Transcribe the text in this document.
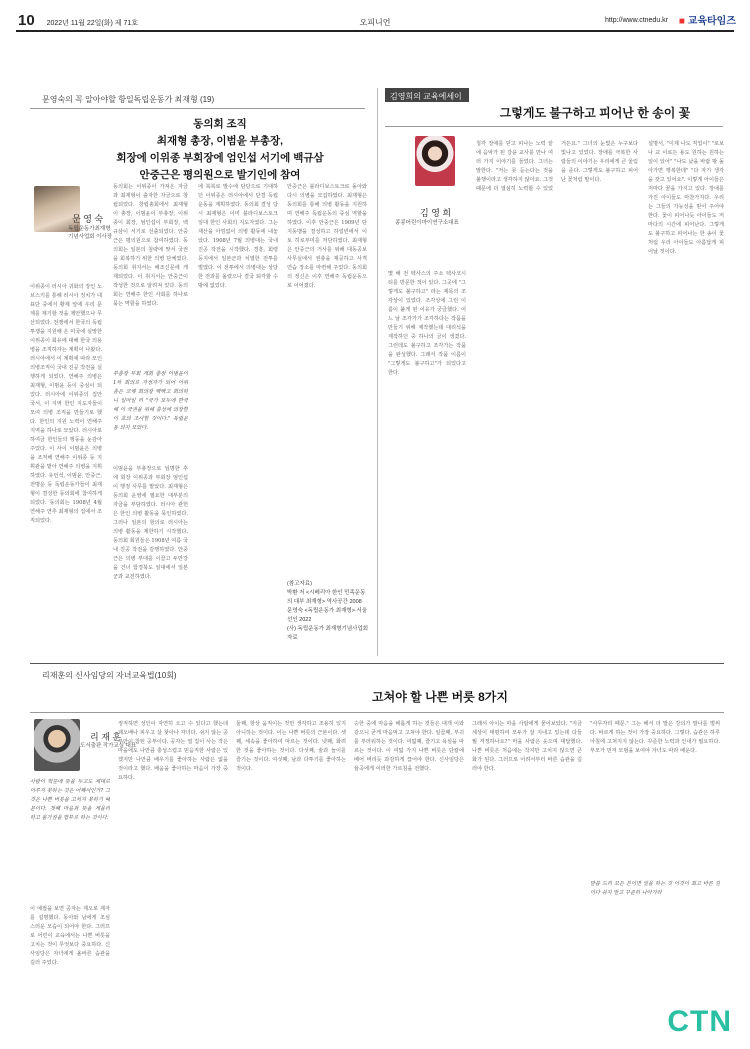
10 2022년 11월 22일(화) 제 71호	오피니언	http://www.ctnedu.kr ■ 교육타임즈
문영숙의 꼭 알아야할 항일독립운동가 최재형 (19)
동의회 조직
최재형 총장, 이범윤 부총장,
회장에 이위종 부회장에 엄인섭 서기에 백규삼
안중근은 평의원으로 발기인에 참여
문 영 숙
독립운동가최재형
기념사업회 이사장
이위종이 러시아 귀화의 장인 노브스키를 통해 러시아 정치가 대표단 중에서 황제 앞에 우리 문제를 제기할 것을 제안했으나 무산되었다. 전쟁에서 한국의 독립 투쟁을 지원해 온 미국에 실망한 이위종이 회유에 대해 한국 의용병을 조직하자는 계획이 나왔다. 러시아에서 이 계획에 따라 모인 의병조직이 국내 진공 작전을 실행하게 되었다. 연해주 의병은 최재형, 이범윤 등이 중심이 되었다. 러시아에 이위종의 집안 국서, 이 지역 한인 지도자들이 모여 의병 조직을 만들기로 했다. 한인의 지원 노력이 연해주 지역을 하나로 모았다. 러시아로 하여금 한인들의 행동을 눈감아 주었다. 이 사이 이범윤은 의병을 조직해 연해주 이위종 등 지휘관을 맡아 연해주 의병을 지휘하였다. 유인석, 이범윤, 안중근, 전명운 등 독립운동가들이 최재형이 결성한 동의회에 참여하게 되었다. 동의회는 1908년 4월 연해주 연추 최재형의 집에서 조직되었다.
동의회는 이위종이 가져온 자금과 최재형이 출자한 자금으로 창립되었다. 창립총회에서 최재형이 총장, 이범윤이 부총장, 이위종이 회장, 엄인섭이 부회장, 백규삼이 서기로 선출되었다. 안중근은 평의원으로 참여하였다. 동의회는 일본의 침략에 맞서 국권을 회복하기 위한 의병 단체였다. 동의회 취지서는 해조신문에 게재되었다. 이 취지서는 안중근이 작성한 것으로 알려져 있다. 동의회는 연해주 한인 사회를 하나로 묶는 역할을 하였다.
부총장 부회 개회 총장 이범윤이 1차 회의로 자정자가 되어 이위종은 코체 회의장 빡빡고 회의하니 일마일 리 "국가 모두에 한국해 이 국권을 위해 충성에 의장할 이 호의 조사할 것이다." 독립운동 의지 모았다.
이범윤을 부총장으로 임명한 후에 회장 이위종과 부회장 엄인섭이 행정 사무를 맡았다. 최재형은 동의회 운영에 필요한 대부분의 자금을 부담하였다. 러시아 관헌은 한인 의병 활동을 묵인하였다. 그러나 일본의 항의로 러시아는 의병 활동을 제한하기 시작했다. 동의회 회원들은 1908년 여름 국내 진공 작전을 감행하였다. 안중근은 의병 부대를 이끌고 두만강을 건너 함경북도 일대에서 일본군과 교전하였다.
에 북북로 발수에 담당으로 기대하던 이위종은 러시아에서 단결 독립운동을 계획하였다. 동의회 결성 당시 최재형은 이미 블라디보스토크 일대 한인 사회의 지도자였다. 그는 재산을 아낌없이 의병 활동에 내놓았다. 1908년 7월 의병대는 국내 진공 작전을 시작했다. 경흥, 회령 등지에서 일본군과 치열한 전투를 벌였다. 이 전투에서 의병대는 상당한 전과를 올렸으나 결국 퇴각할 수밖에 없었다.
안중근은 블라디보스토크로 돌아와 다시 의병을 모집하였다. 최재형은 동의회를 통해 의병 활동을 지원하며 연해주 독립운동의 중심 역할을 하였다. 이후 안중근은 1909년 단지동맹을 결성하고 하얼빈에서 이토 히로부미를 처단하였다. 최재형은 안중근의 거사를 위해 대동공보 사무실에서 권총을 제공하고 사격 연습 장소를 마련해 주었다. 동의회의 정신은 이후 연해주 독립운동으로 이어졌다.
(참고자료)
박환 저 <시베리아 한인 민족운동의 대부 최재형> 역사공간 2008
문영숙 <독립운동가 최재형> 서울 선인 2022
(사) 독립운동가 최재형기념사업회 자료
김영희의 교육에세이
그렇게도 불구하고 피어난 한 송이 꽃
김 영 희
콩콩어린이마이연구소대표
몇 해 전 텍사스의 주소 텍사코시티를 방문한 적이 있다. 그곳에 "그렇게도 불구하고" 라는 제목의 조각상이 있었다. 조각상에 그런 이름이 붙게 된 이유가 궁금했다. 어느 날 조각가가 조각하다는 작품을 만들기 위해 제작했는데 대리석을 제작하던 중 하나의 금이 생겼다. 그런데도 불구하고 조각가는 작품을 완성했다. 그래서 작품 이름이 "그렇게도 불구하고"가 되었다고 한다.
청각 장애를 딛고 피나는 노력 끝에 음악가 된 강윤 교사를 만나 여러 가지 이야기를 들었다. 그녀는 말한다. "저는 못 듣는다는 것을 불행이라고 생각하지 않아요. 그것 때문에 더 열심히 노력할 수 있었거든요." 그녀의 눈빛은 누구보다 빛나고 있었다. 장애를 극복한 사람들의 이야기는 우리에게 큰 울림을 준다. 그렇게도 불구하고 피어난 꽃처럼 말이다.
설명서, "이제 나도 직업이" "로보나 교 이로든 용도 원하는 원하는 일이 있어" "나도 났을 바람 밖 돌아가면 행복한데" "다 자기 생각을 갖고 있어요". 이렇게 아이들은 저마다 꿈을 가지고 있다. 장애를 가진 아이들도 마찬가지다. 우리는 그들의 가능성을 믿어 주어야 한다. 꽃이 피어나듯 아이들도 저마다의 시간에 피어난다. 그렇게도 불구하고 피어나는 한 송이 꽃처럼 우리 아이들도 아름답게 피어날 것이다.
리재훈의 신사임당의 자녀교육법(10회)
고쳐야 할 나쁜 버릇 8가지
리 재 훈
도서출판 작가교실 대표
사람이 학문에 뜻을 두고도 제대로 이루지 못하는 것은 어째서인가? 그것은 나쁜 버릇을 고치지 못하기 때문이다. 첫째 마음과 뜻을 게을리 하고 몸가짐을 함부로 하는 것이다.
이 예절을 보면 공자는 제오로 제자를 설명했다. 동아와 남에게 조심 스러운 모습이 되어야 한다. 그러므로 어린이 교육에서는 나쁜 버릇을 고치는 것이 무엇보다 중요하다. 신사임당은 자녀에게 올바른 습관을 길러 주었다.
정직하면 성인이 자연히 오고 수 있다고 했는데 제오배나 피우고 살 찾아나 자녀다. 쉬지 않는 공부만이 참된 공부이다. 공자는 열 집이 사는 작은 마을에도 나만큼 충성스럽고 믿음직한 사람은 있겠지만 나만큼 배우기를 좋아하는 사람은 없을 것이라고 했다. 배움을 좋아하는 마음이 가장 중요하다.
둘째, 항상 움직이는 것만 생각하고 조용히 있지 아니하는 것이다. 이는 나쁜 버릇의 근본이다. 셋째, 세속을 좋아하여 따르는 것이다. 넷째, 화려한 것을 좋아하는 것이다. 다섯째, 술과 놀이를 즐기는 것이다. 여섯째, 남과 다투기를 좋아하는 것이다.
승한 중에 마음을 해롭게 하는 것들은 대개 이와 같으니 굳게 마음먹고 고쳐야 한다. 일곱째, 부귀를 부러워하는 것이다. 여덟째, 즐기고 욕심을 따르는 것이다. 이 여덟 가지 나쁜 버릇은 단칼에 베어 버리듯 과감하게 끊어야 한다. 신사임당은 율곡에게 이러한 가르침을 전했다.
그래서 아이는 마을 사람에게 물어보았다. "지금 세상이 태평하여 모두가 잘 지내고 있는데 다들 뭘 걱정하나요?" 마을 사람은 웃으며 대답했다. 나쁜 버릇은 처음에는 작지만 고치지 않으면 큰 화가 된다. 그러므로 어려서부터 바른 습관을 길러야 한다.
"사무자리 때문." 그는 해서 더 말은 강의가 말나를 벌써 다. 바르게 하는 것이 가장 중요하다. 그렇다. 습관은 하루아침에 고쳐지지 않는다. 꾸준한 노력과 인내가 필요하다. 부모가 먼저 모범을 보여야 자녀도 따라 배운다.
말씀 드리 모든 본이면 일을 하는 것 이것이 최고 바른 길이다 쉬지 말고 꾸준히 나아가라
CTN
